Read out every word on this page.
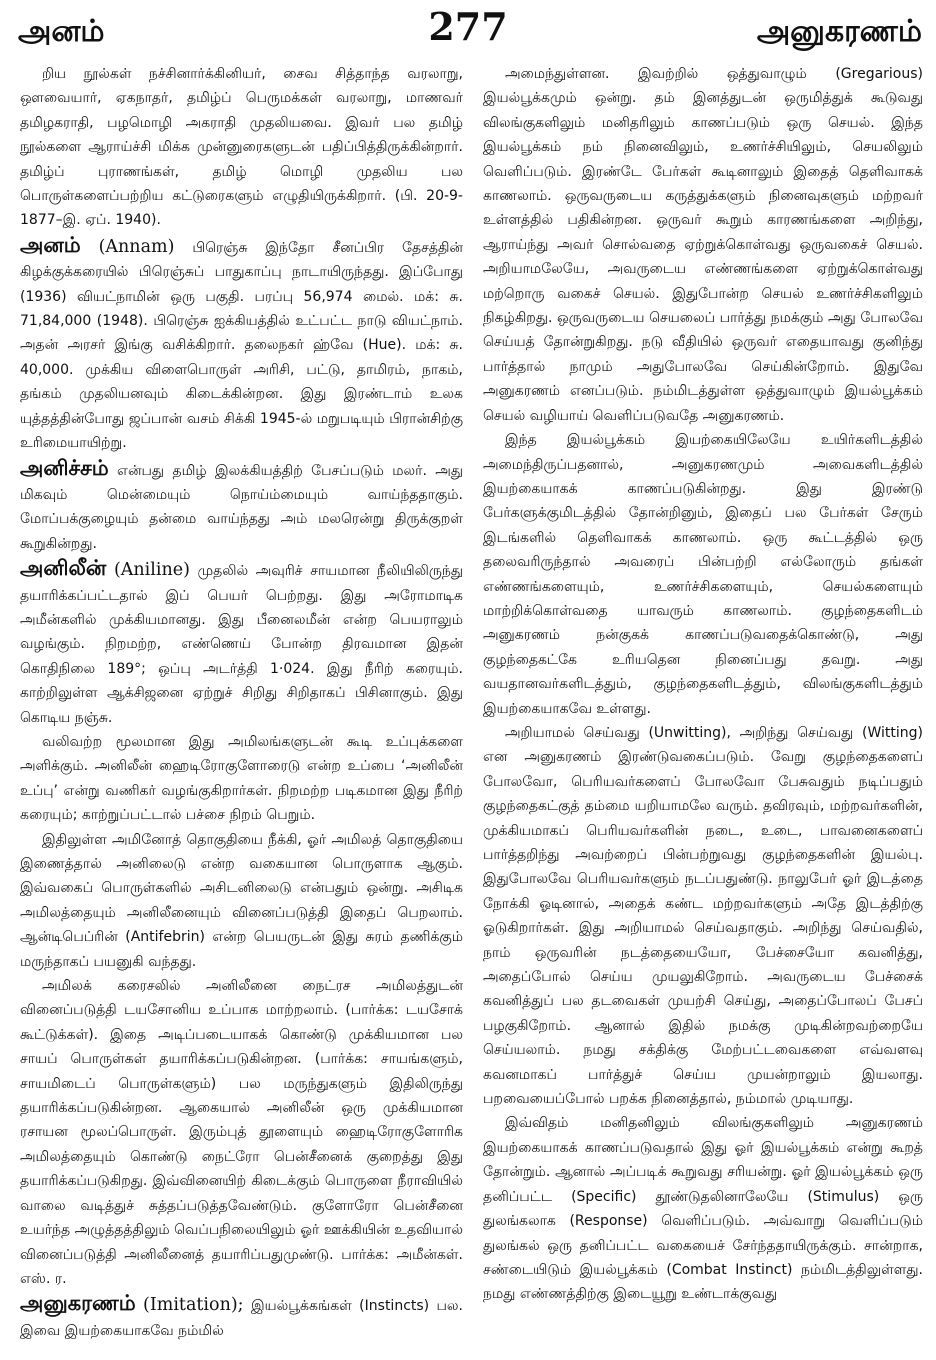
அனம்	277	அனுகரணம்

றிய நூல்கள் நச்சினார்க்கினியர், சைவ சித்தாந்த வரலாறு, ஔவையார், ஏகநாதர், தமிழ்ப் பெருமக்கள் வரலாறு, மாணவர் தமிழகராதி, பழமொழி அகராதி முதலியவை. இவர் பல தமிழ் நூல்களை ஆராய்ச்சி மிக்க முன்னுரைகளுடன் பதிப்பித்திருக்கின்றார். தமிழ்ப் புராணங்கள், தமிழ் மொழி முதலிய பல பொருள்களைப்பற்றிய கட்டுரைகளும் எழுதியிருக்கிறார். (பி. 20-9-1877–இ. ஏப். 1940).

அனம் (Annam) பிரெஞ்சு இந்தோ சீனப்பிர தேசத்தின் கிழக்குக்கரையில் பிரெஞ்சுப் பாதுகாப்பு நாடாயிருந்தது. இப்போது (1936) வியட்நாமின் ஒரு பகுதி. பரப்பு 56,974 மைல். மக்: சு. 71,84,000 (1948). பிரெஞ்சு ஐக்கியத்தில் உட்பட்ட நாடு வியட்நாம். அதன் அரசர் இங்கு வசிக்கிறார். தலைநகர் ஹ்வே (Hue). மக்: சு. 40,000. முக்கிய விளைபொருள் அரிசி, பட்டு, தாமிரம், நாகம், தங்கம் முதலியனவும் கிடைக்கின்றன. இது இரண்டாம் உலக யுத்தத்தின்போது ஜப்பான் வசம் சிக்கி 1945-ல் மறுபடியும் பிரான்சிற்கு உரிமையாயிற்று.

அனிச்சம் என்பது தமிழ் இலக்கியத்திற் பேசப்படும் மலர். அது மிகவும் மென்மையும் நொய்ம்மையும் வாய்ந்ததாகும். மோப்பக்குழையும் தன்மை வாய்ந்தது அம் மலரென்று திருக்குறள் கூறுகின்றது.

அனிலீன் (Aniline) முதலில் அவுரிச் சாயமான நீலியிலிருந்து தயாரிக்கப்பட்டதால் இப் பெயர் பெற்றது. இது அரோமாடிக அமீன்களில் முக்கியமானது. இது பீனைலமீன் என்ற பெயராலும் வழங்கும். நிறமற்ற, எண்ணெய் போன்ற திரவமான இதன் கொதிநிலை 189°; ஒப்பு அடர்த்தி 1·024. இது நீரிற் கரையும். காற்றிலுள்ள ஆக்சிஜனை ஏற்றுச் சிறிது சிறிதாகப் பிசினாகும். இது கொடிய நஞ்சு.

வலிவற்ற மூலமான இது அமிலங்களுடன் கூடி உப்புக்களை அளிக்கும். அனிலீன் ஹைடிரோகுளோரைடு என்ற உப்பை ‘அனிலீன் உப்பு’ என்று வணிகர் வழங்குகிறார்கள். நிறமற்ற படிகமான இது நீரிற் கரையும்; காற்றுப்பட்டால் பச்சை நிறம் பெறும்.

இதிலுள்ள அமினோத் தொகுதியை நீக்கி, ஓர் அமிலத் தொகுதியை இணைத்தால் அனிலைடு என்ற வகையான பொருளாக ஆகும். இவ்வகைப் பொருள்களில் அசிடனிலைடு என்பதும் ஒன்று. அசிடிக அமிலத்தையும் அனிலீனையும் வினைப்படுத்தி இதைப் பெறலாம். ஆன்டிபெப்ரின் (Antifebrin) என்ற பெயருடன் இது சுரம் தணிக்கும் மருந்தாகப் பயனுகி வந்தது.

அமிலக் கரைசலில் அனிலீனை நைட்ரச அமிலத்துடன் வினைப்படுத்தி டயசோனிய உப்பாக மாற்றலாம். (பார்க்க: டயசோக் கூட்டுக்கள்). இதை அடிப்படையாகக் கொண்டு முக்கியமான பல சாயப் பொருள்கள் தயாரிக்கப்படுகின்றன. (பார்க்க: சாயங்களும், சாயமிடைப் பொருள்களும்) பல மருந்துகளும் இதிலிருந்து தயாரிக்கப்படுகின்றன. ஆகையால் அனிலீன் ஒரு முக்கியமான ரசாயன மூலப்பொருள். இரும்புத் தூளையும் ஹைடிரோகுளோரிக அமிலத்தையும் கொண்டு நைட்ரோ பென்சீனைக் குறைத்து இது தயாரிக்கப்படுகிறது. இவ்வினையிற் கிடைக்கும் பொருளை நீராவியில் வாலை வடித்துச் சுத்தப்படுத்தவேண்டும். குளோரோ பென்சீனை உயர்ந்த அழுத்தத்திலும் வெப்பநிலையிலும் ஓர் ஊக்கியின் உதவியால் வினைப்படுத்தி அனிலீனைத் தயாரிப்பதுமுண்டு. பார்க்க: அமீன்கள். எஸ். ர.

அனுகரணம் (Imitation); இயல்பூக்கங்கள் (Instincts) பல. இவை இயற்கையாகவே நம்மில்

அமைந்துள்ளன. இவற்றில் ஒத்துவாழும் (Gregarious) இயல்பூக்கமும் ஒன்று. தம் இனத்துடன் ஒருமித்துக் கூடுவது விலங்குகளிலும் மனிதரிலும் காணப்படும் ஒரு செயல். இந்த இயல்பூக்கம் நம் நினைவிலும், உணர்ச்சியிலும், செயலிலும் வெளிப்படும். இரண்டே பேர்கள் கூடினாலும் இதைத் தெளிவாகக் காணலாம். ஒருவருடைய கருத்துக்களும் நினைவுகளும் மற்றவர் உள்ளத்தில் பதிகின்றன. ஒருவர் கூறும் காரணங்களை அறிந்து, ஆராய்ந்து அவர் சொல்வதை ஏற்றுக்கொள்வது ஒருவகைச் செயல். அறியாமலேயே, அவருடைய எண்ணங்களை ஏற்றுக்கொள்வது மற்றொரு வகைச் செயல். இதுபோன்ற செயல் உணர்ச்சிகளிலும் நிகழ்கிறது. ஒருவருடைய செயலைப் பார்த்து நமக்கும் அது போலவே செய்யத் தோன்றுகிறது. நடு வீதியில் ஒருவர் எதையாவது குனிந்து பார்த்தால் நாமும் அதுபோலவே செய்கின்றோம். இதுவே அனுகரணம் எனப்படும். நம்மிடத்துள்ள ஒத்துவாழும் இயல்பூக்கம் செயல் வழியாய் வெளிப்படுவதே அனுகரணம்.

இந்த இயல்பூக்கம் இயற்கையிலேயே உயிர்களிடத்தில் அமைந்திருப்பதனால், அனுகரணமும் அவைகளிடத்தில் இயற்கையாகக் காணப்படுகின்றது. இது இரண்டு பேர்களுக்குமிடத்தில் தோன்றினும், இதைப் பல பேர்கள் சேரும் இடங்களில் தெளிவாகக் காணலாம். ஒரு கூட்டத்தில் ஒரு தலைவரிருந்தால் அவரைப் பின்பற்றி எல்லோரும் தங்கள் எண்ணங்களையும், உணர்ச்சிகளையும், செயல்களையும் மாற்றிக்கொள்வதை யாவரும் காணலாம். குழந்தைகளிடம் அனுகரணம் நன்குகக் காணப்படுவதைக்கொண்டு, அது குழந்தைகட்கே உரியதென நினைப்பது தவறு. அது வயதானவர்களிடத்தும், குழந்தைகளிடத்தும், விலங்குகளிடத்தும் இயற்கையாகவே உள்ளது.

அறியாமல் செய்வது (Unwitting), அறிந்து செய்வது (Witting) என அனுகரணம் இரண்டுவகைப்படும். வேறு குழந்தைகளைப் போலவோ, பெரியவர்களைப் போலவோ பேசுவதும் நடிப்பதும் குழந்தைகட்குத் தம்மை யறியாமலே வரும். தவிரவும், மற்றவர்களின், முக்கியமாகப் பெரியவர்களின் நடை, உடை, பாவனைகளைப் பார்த்தறிந்து அவற்றைப் பின்பற்றுவது குழந்தைகளின் இயல்பு. இதுபோலவே பெரியவர்களும் நடப்பதுண்டு. நாலுபேர் ஓர் இடத்தை நோக்கி ஓடினால், அதைக் கண்ட மற்றவர்களும் அதே இடத்திற்கு ஓடுகிறார்கள். இது அறியாமல் செய்வதாகும். அறிந்து செய்வதில், நாம் ஒருவரின் நடத்தையையோ, பேச்சையோ கவனித்து, அதைப்போல் செய்ய முயலுகிறோம். அவருடைய பேச்சைக் கவனித்துப் பல தடவைகள் முயற்சி செய்து, அதைப்போலப் பேசப் பழகுகிறோம். ஆனால் இதில் நமக்கு முடிகின்றவற்றையே செய்யலாம். நமது சக்திக்கு மேற்பட்டவைகளை எவ்வளவு கவனமாகப் பார்த்துச் செய்ய முயன்றாலும் இயலாது. பறவையைப்போல் பறக்க நினைத்தால், நம்மால் முடியாது.

இவ்விதம் மனிதனிலும் விலங்குகளிலும் அனுகரணம் இயற்கையாகக் காணப்படுவதால் இது ஓர் இயல்பூக்கம் என்று கூறத் தோன்றும். ஆனால் அப்படிக் கூறுவது சரியன்று. ஓர் இயல்பூக்கம் ஒரு தனிப்பட்ட (Specific) தூண்டுதலினாலேயே (Stimulus) ஒரு துலங்கலாக (Response) வெளிப்படும். அவ்வாறு வெளிப்படும் துலங்கல் ஒரு தனிப்பட்ட வகையைச் சேர்ந்ததாயிருக்கும். சான்றாக, சண்டையிடும் இயல்பூக்கம் (Combat Instinct) நம்மிடத்திலுள்ளது. நமது எண்ணத்திற்கு இடையூறு உண்டாக்குவது
